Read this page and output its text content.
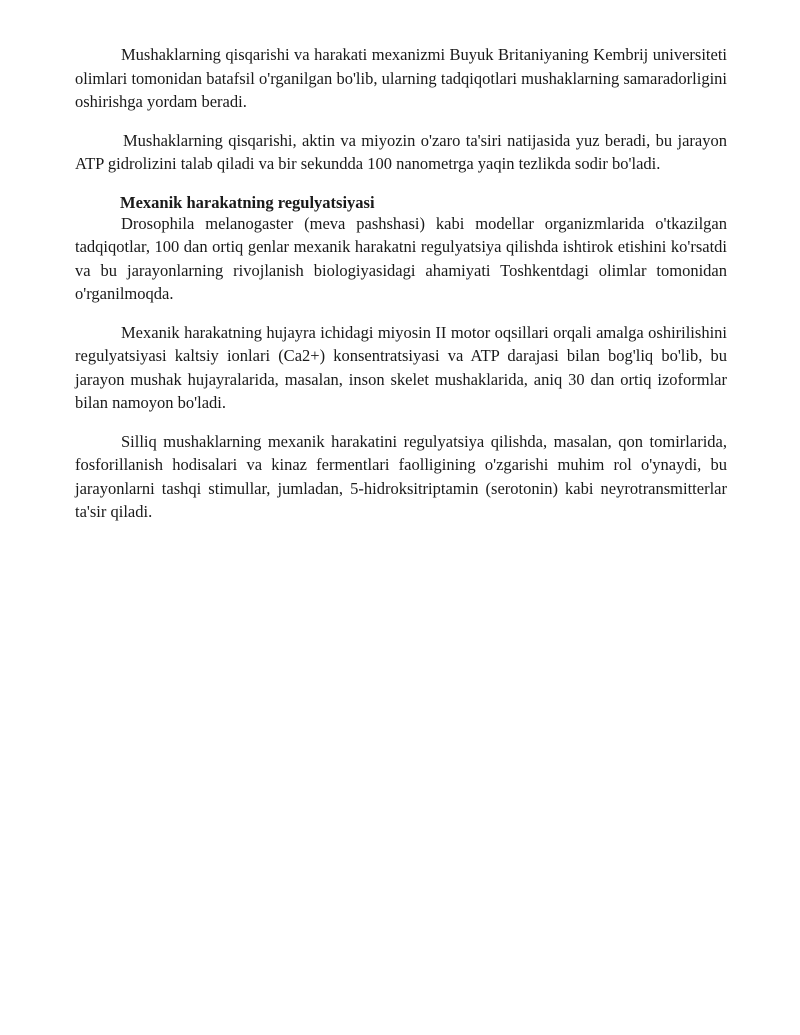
Mushaklarning qisqarishi va harakati mexanizmi Buyuk Britaniyaning Kembrij universiteti olimlari tomonidan batafsil o'rganilgan bo'lib, ularning tadqiqotlari mushaklarning samaradorligini oshirishga yordam beradi.

Mushaklarning qisqarishi, aktin va miyozin o'zaro ta'siri natijasida yuz beradi, bu jarayon ATP gidrolizini talab qiladi va bir sekundda 100 nanometrga yaqin tezlikda sodir bo'ladi.

Mexanik harakatning regulyatsiyasi

Drosophila melanogaster (meva pashshasi) kabi modellar organizmlarida o'tkazilgan tadqiqotlar, 100 dan ortiq genlar mexanik harakatni regulyatsiya qilishda ishtirok etishini ko'rsatdi va bu jarayonlarning rivojlanish biologiyasidagi ahamiyati Toshkentdagi olimlar tomonidan o'rganilmoqda.

Mexanik harakatning hujayra ichidagi miyosin II motor oqsillari orqali amalga oshirilishini regulyatsiyasi kaltsiy ionlari (Ca2+) konsentratsiyasi va ATP darajasi bilan bog'liq bo'lib, bu jarayon mushak hujayralarida, masalan, inson skelet mushaklarida, aniq 30 dan ortiq izoformlar bilan namoyon bo'ladi.

Silliq mushaklarning mexanik harakatini regulyatsiya qilishda, masalan, qon tomirlarida, fosforillanish hodisalari va kinaz fermentlari faolligining o'zgarishi muhim rol o'ynaydi, bu jarayonlarni tashqi stimullar, jumladan, 5-hidroksitriptamin (serotonin) kabi neyrotransmitterlar ta'sir qiladi.
